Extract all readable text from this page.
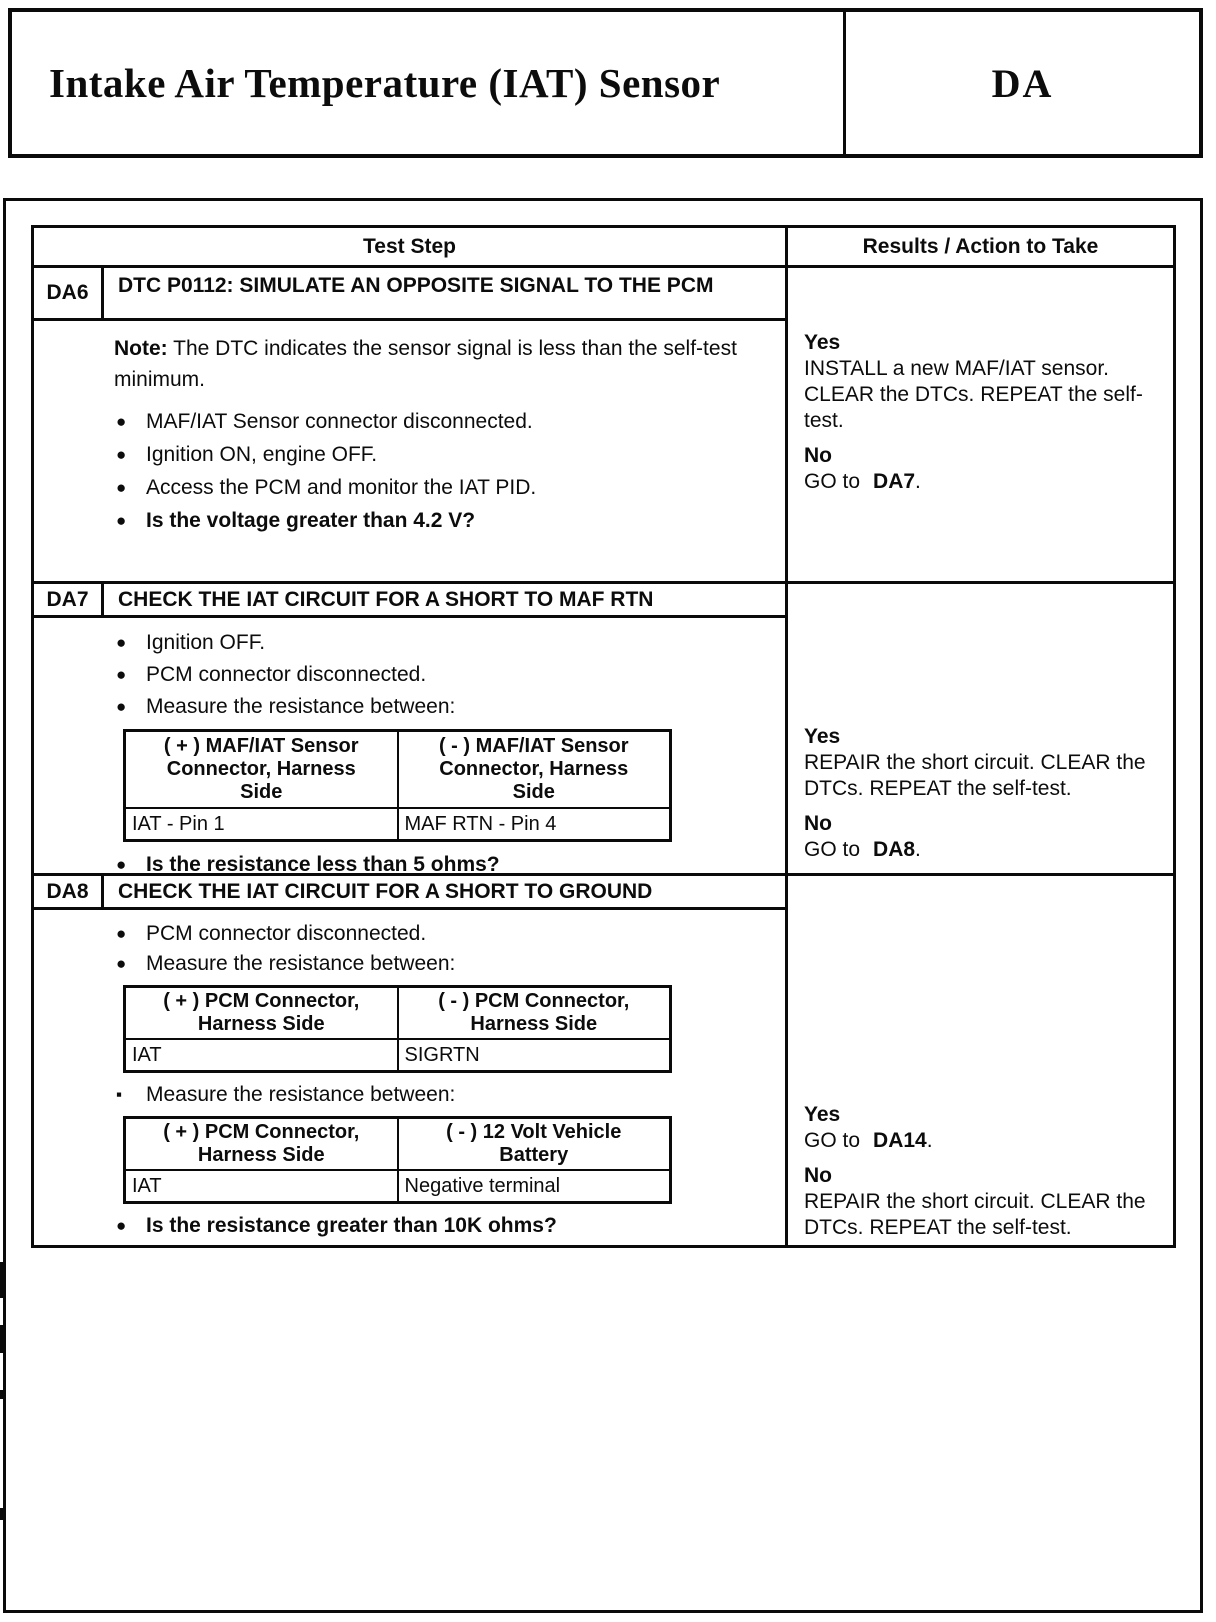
Intake Air Temperature (IAT) Sensor	DA
Test Step	Results / Action to Take
DA6	DTC P0112: SIMULATE AN OPPOSITE SIGNAL TO THE PCM

Note: The DTC indicates the sensor signal is less than the self-test minimum.

● MAF/IAT Sensor connector disconnected.
● Ignition ON, engine OFF.
● Access the PCM and monitor the IAT PID.
● Is the voltage greater than 4.2 V?
Yes

INSTALL a new MAF/IAT sensor.

CLEAR the DTCs. REPEAT the self-test.

No

GO to DA7.

DA7	CHECK THE IAT CIRCUIT FOR A SHORT TO MAF RTN
● Ignition OFF.
● PCM connector disconnected.
● Measure the resistance between:
( + ) MAF/IAT Sensor Connector, Harness Side	( - ) MAF/IAT Sensor Connector, Harness Side
IAT - Pin 1	MAF RTN - Pin 4
● Is the resistance less than 5 ohms?
Yes

REPAIR the short circuit. CLEAR the DTCs. REPEAT the self-test.

No

GO to DA8.

DA8	CHECK THE IAT CIRCUIT FOR A SHORT TO GROUND
● PCM connector disconnected.
● Measure the resistance between:
( + ) PCM Connector, Harness Side	( - ) PCM Connector, Harness Side
IAT	SIGRTN
▪	Measure the resistance between:
( + ) PCM Connector, Harness Side	( - ) 12 Volt Vehicle Battery
IAT	Negative terminal
● Is the resistance greater than 10K ohms?
Yes

GO to DA14.

No

REPAIR the short circuit. CLEAR the DTCs. REPEAT the self-test.
